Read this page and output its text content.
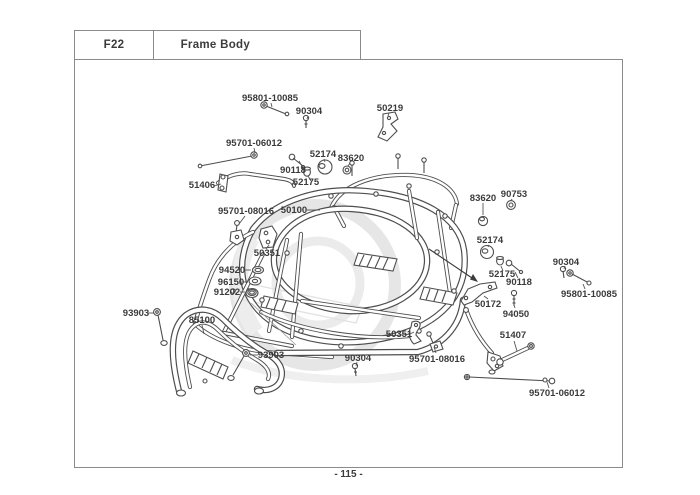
F22	Frame Body
95801-10085
90304	50219
95701-06012
52174 83620
90118
52175
51406
95701-08016 50100
83620 90753
52174
50351
94520
96150
91202
52175
90118
90304
95801-10085
50172
94050
93903
85100
50351	51407
90304
93903	95701-08016
95701-06012
- 115 -
